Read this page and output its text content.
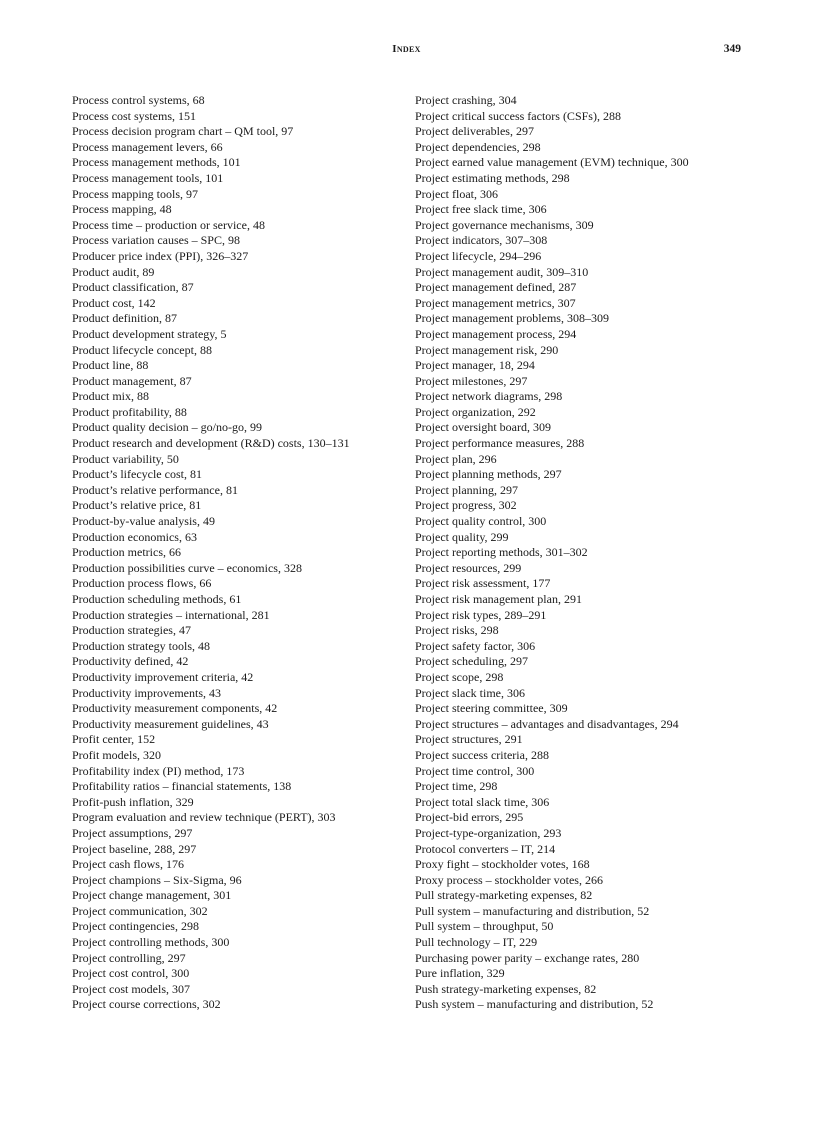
Index	349
Process control systems, 68
Process cost systems, 151
Process decision program chart – QM tool, 97
Process management levers, 66
Process management methods, 101
Process management tools, 101
Process mapping tools, 97
Process mapping, 48
Process time – production or service, 48
Process variation causes – SPC, 98
Producer price index (PPI), 326–327
Product audit, 89
Product classification, 87
Product cost, 142
Product definition, 87
Product development strategy, 5
Product lifecycle concept, 88
Product line, 88
Product management, 87
Product mix, 88
Product profitability, 88
Product quality decision – go/no-go, 99
Product research and development (R&D) costs, 130–131
Product variability, 50
Product’s lifecycle cost, 81
Product’s relative performance, 81
Product’s relative price, 81
Product-by-value analysis, 49
Production economics, 63
Production metrics, 66
Production possibilities curve – economics, 328
Production process flows, 66
Production scheduling methods, 61
Production strategies – international, 281
Production strategies, 47
Production strategy tools, 48
Productivity defined, 42
Productivity improvement criteria, 42
Productivity improvements, 43
Productivity measurement components, 42
Productivity measurement guidelines, 43
Profit center, 152
Profit models, 320
Profitability index (PI) method, 173
Profitability ratios – financial statements, 138
Profit-push inflation, 329
Program evaluation and review technique (PERT), 303
Project assumptions, 297
Project baseline, 288, 297
Project cash flows, 176
Project champions – Six-Sigma, 96
Project change management, 301
Project communication, 302
Project contingencies, 298
Project controlling methods, 300
Project controlling, 297
Project cost control, 300
Project cost models, 307
Project course corrections, 302
Project crashing, 304
Project critical success factors (CSFs), 288
Project deliverables, 297
Project dependencies, 298
Project earned value management (EVM) technique, 300
Project estimating methods, 298
Project float, 306
Project free slack time, 306
Project governance mechanisms, 309
Project indicators, 307–308
Project lifecycle, 294–296
Project management audit, 309–310
Project management defined, 287
Project management metrics, 307
Project management problems, 308–309
Project management process, 294
Project management risk, 290
Project manager, 18, 294
Project milestones, 297
Project network diagrams, 298
Project organization, 292
Project oversight board, 309
Project performance measures, 288
Project plan, 296
Project planning methods, 297
Project planning, 297
Project progress, 302
Project quality control, 300
Project quality, 299
Project reporting methods, 301–302
Project resources, 299
Project risk assessment, 177
Project risk management plan, 291
Project risk types, 289–291
Project risks, 298
Project safety factor, 306
Project scheduling, 297
Project scope, 298
Project slack time, 306
Project steering committee, 309
Project structures – advantages and disadvantages, 294
Project structures, 291
Project success criteria, 288
Project time control, 300
Project time, 298
Project total slack time, 306
Project-bid errors, 295
Project-type-organization, 293
Protocol converters – IT, 214
Proxy fight – stockholder votes, 168
Proxy process – stockholder votes, 266
Pull strategy-marketing expenses, 82
Pull system – manufacturing and distribution, 52
Pull system – throughput, 50
Pull technology – IT, 229
Purchasing power parity – exchange rates, 280
Pure inflation, 329
Push strategy-marketing expenses, 82
Push system – manufacturing and distribution, 52
